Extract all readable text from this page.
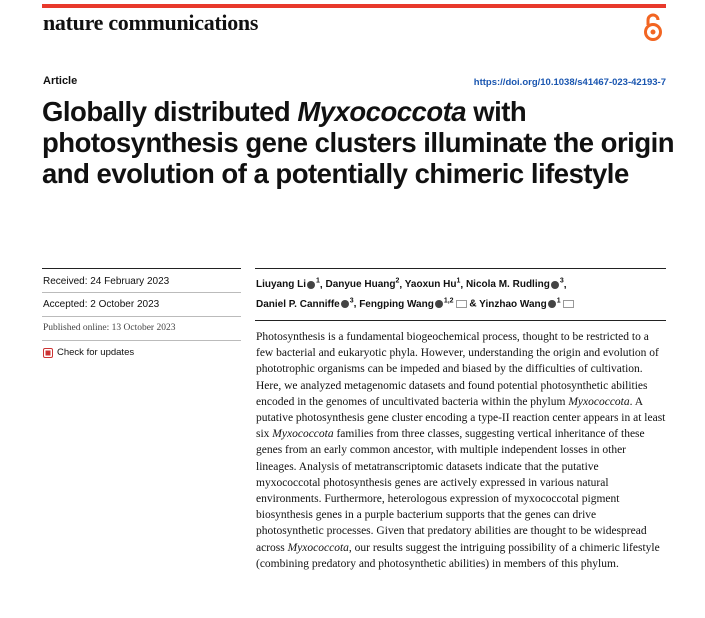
nature communications
Article	https://doi.org/10.1038/s41467-023-42193-7
Globally distributed Myxococcota with photosynthesis gene clusters illuminate the origin and evolution of a potentially chimeric lifestyle
Received: 24 February 2023
Accepted: 2 October 2023
Published online: 13 October 2023
Check for updates
Liuyang Li $^1$, Danyue Huang$^2$, Yaoxun Hu$^1$, Nicola M. Rudling $^3$,
Daniel P. Canniffe $^3$, Fengping Wang $^{1,2}$ & Yinzhao Wang $^1$

Photosynthesis is a fundamental biogeochemical process, thought to be restricted to a few bacterial and eukaryotic phyla. However, understanding the origin and evolution of phototrophic organisms can be impeded and biased by the difficulties of cultivation. Here, we analyzed metagenomic datasets and found potential photosynthetic abilities encoded in the genomes of uncultivated bacteria within the phylum Myxococcota. A putative photosynthesis gene cluster encoding a type-II reaction center appears in at least six Myxococcota families from three classes, suggesting vertical inheritance of these genes from an early common ancestor, with multiple independent losses in other lineages. Analysis of metatranscriptomic datasets indicate that the putative myxococcotal photosynthesis genes are actively expressed in various natural environments. Furthermore, heterologous expression of myxococcotal pigment biosynthesis genes in a purple bacterium supports that the genes can drive photosynthetic processes. Given that predatory abilities are thought to be widespread across Myxococcota, our results suggest the intriguing possibility of a chimeric lifestyle (combining predatory and photosynthetic abilities) in members of this phylum.
